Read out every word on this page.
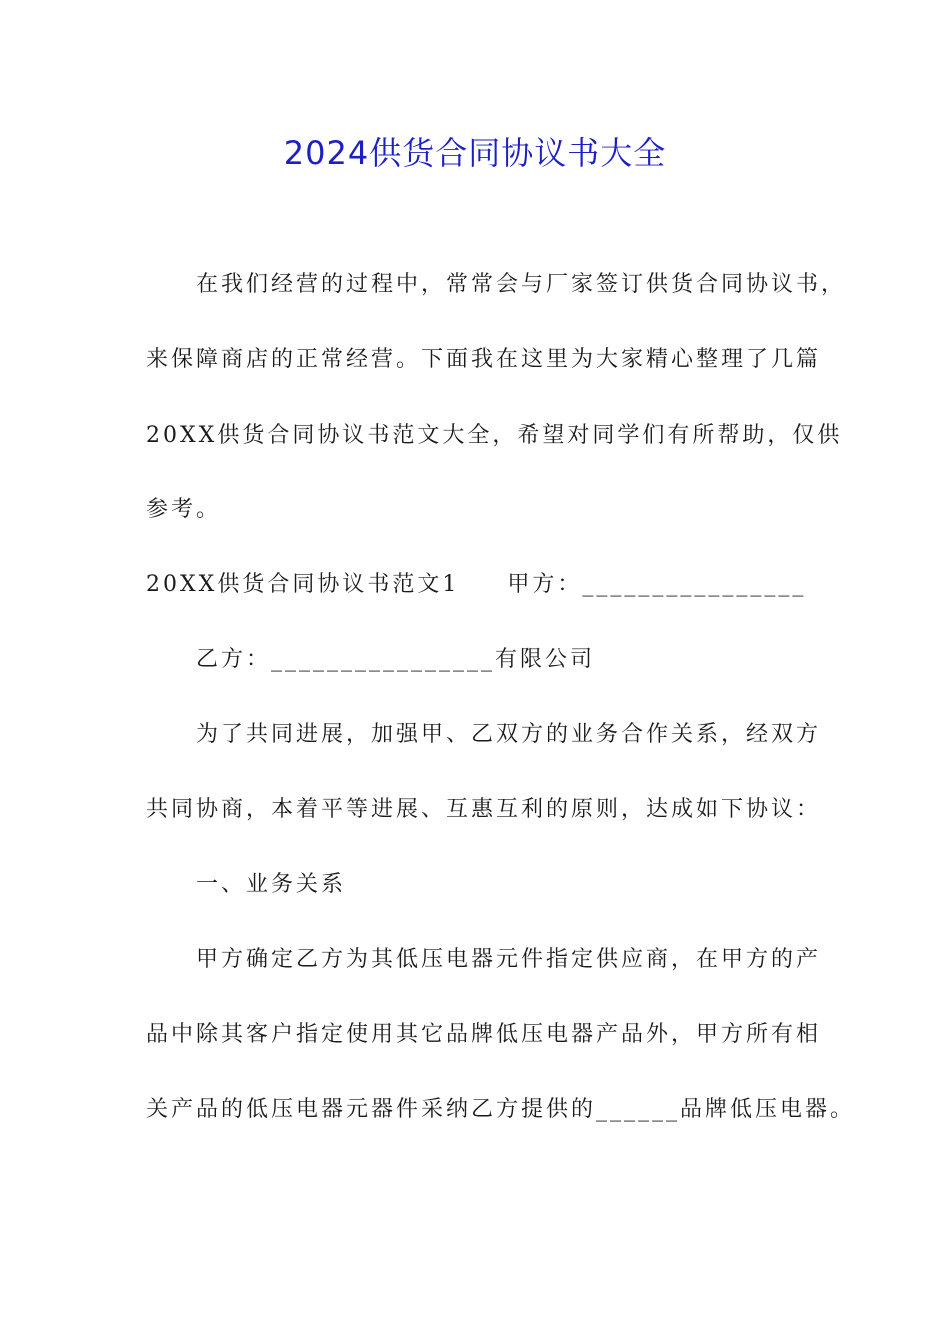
2024供货合同协议书大全
在我们经营的过程中，常常会与厂家签订供货合同协议书，
来保障商店的正常经营。下面我在这里为大家精心整理了几篇
20XX供货合同协议书范文大全，希望对同学们有所帮助，仅供
参考。
20XX供货合同协议书范文1 甲方：________________
乙方：________________有限公司
为了共同进展，加强甲、乙双方的业务合作关系，经双方
共同协商，本着平等进展、互惠互利的原则，达成如下协议：
一、业务关系
甲方确定乙方为其低压电器元件指定供应商，在甲方的产
品中除其客户指定使用其它品牌低压电器产品外，甲方所有相
关产品的低压电器元器件采纳乙方提供的______品牌低压电器。
